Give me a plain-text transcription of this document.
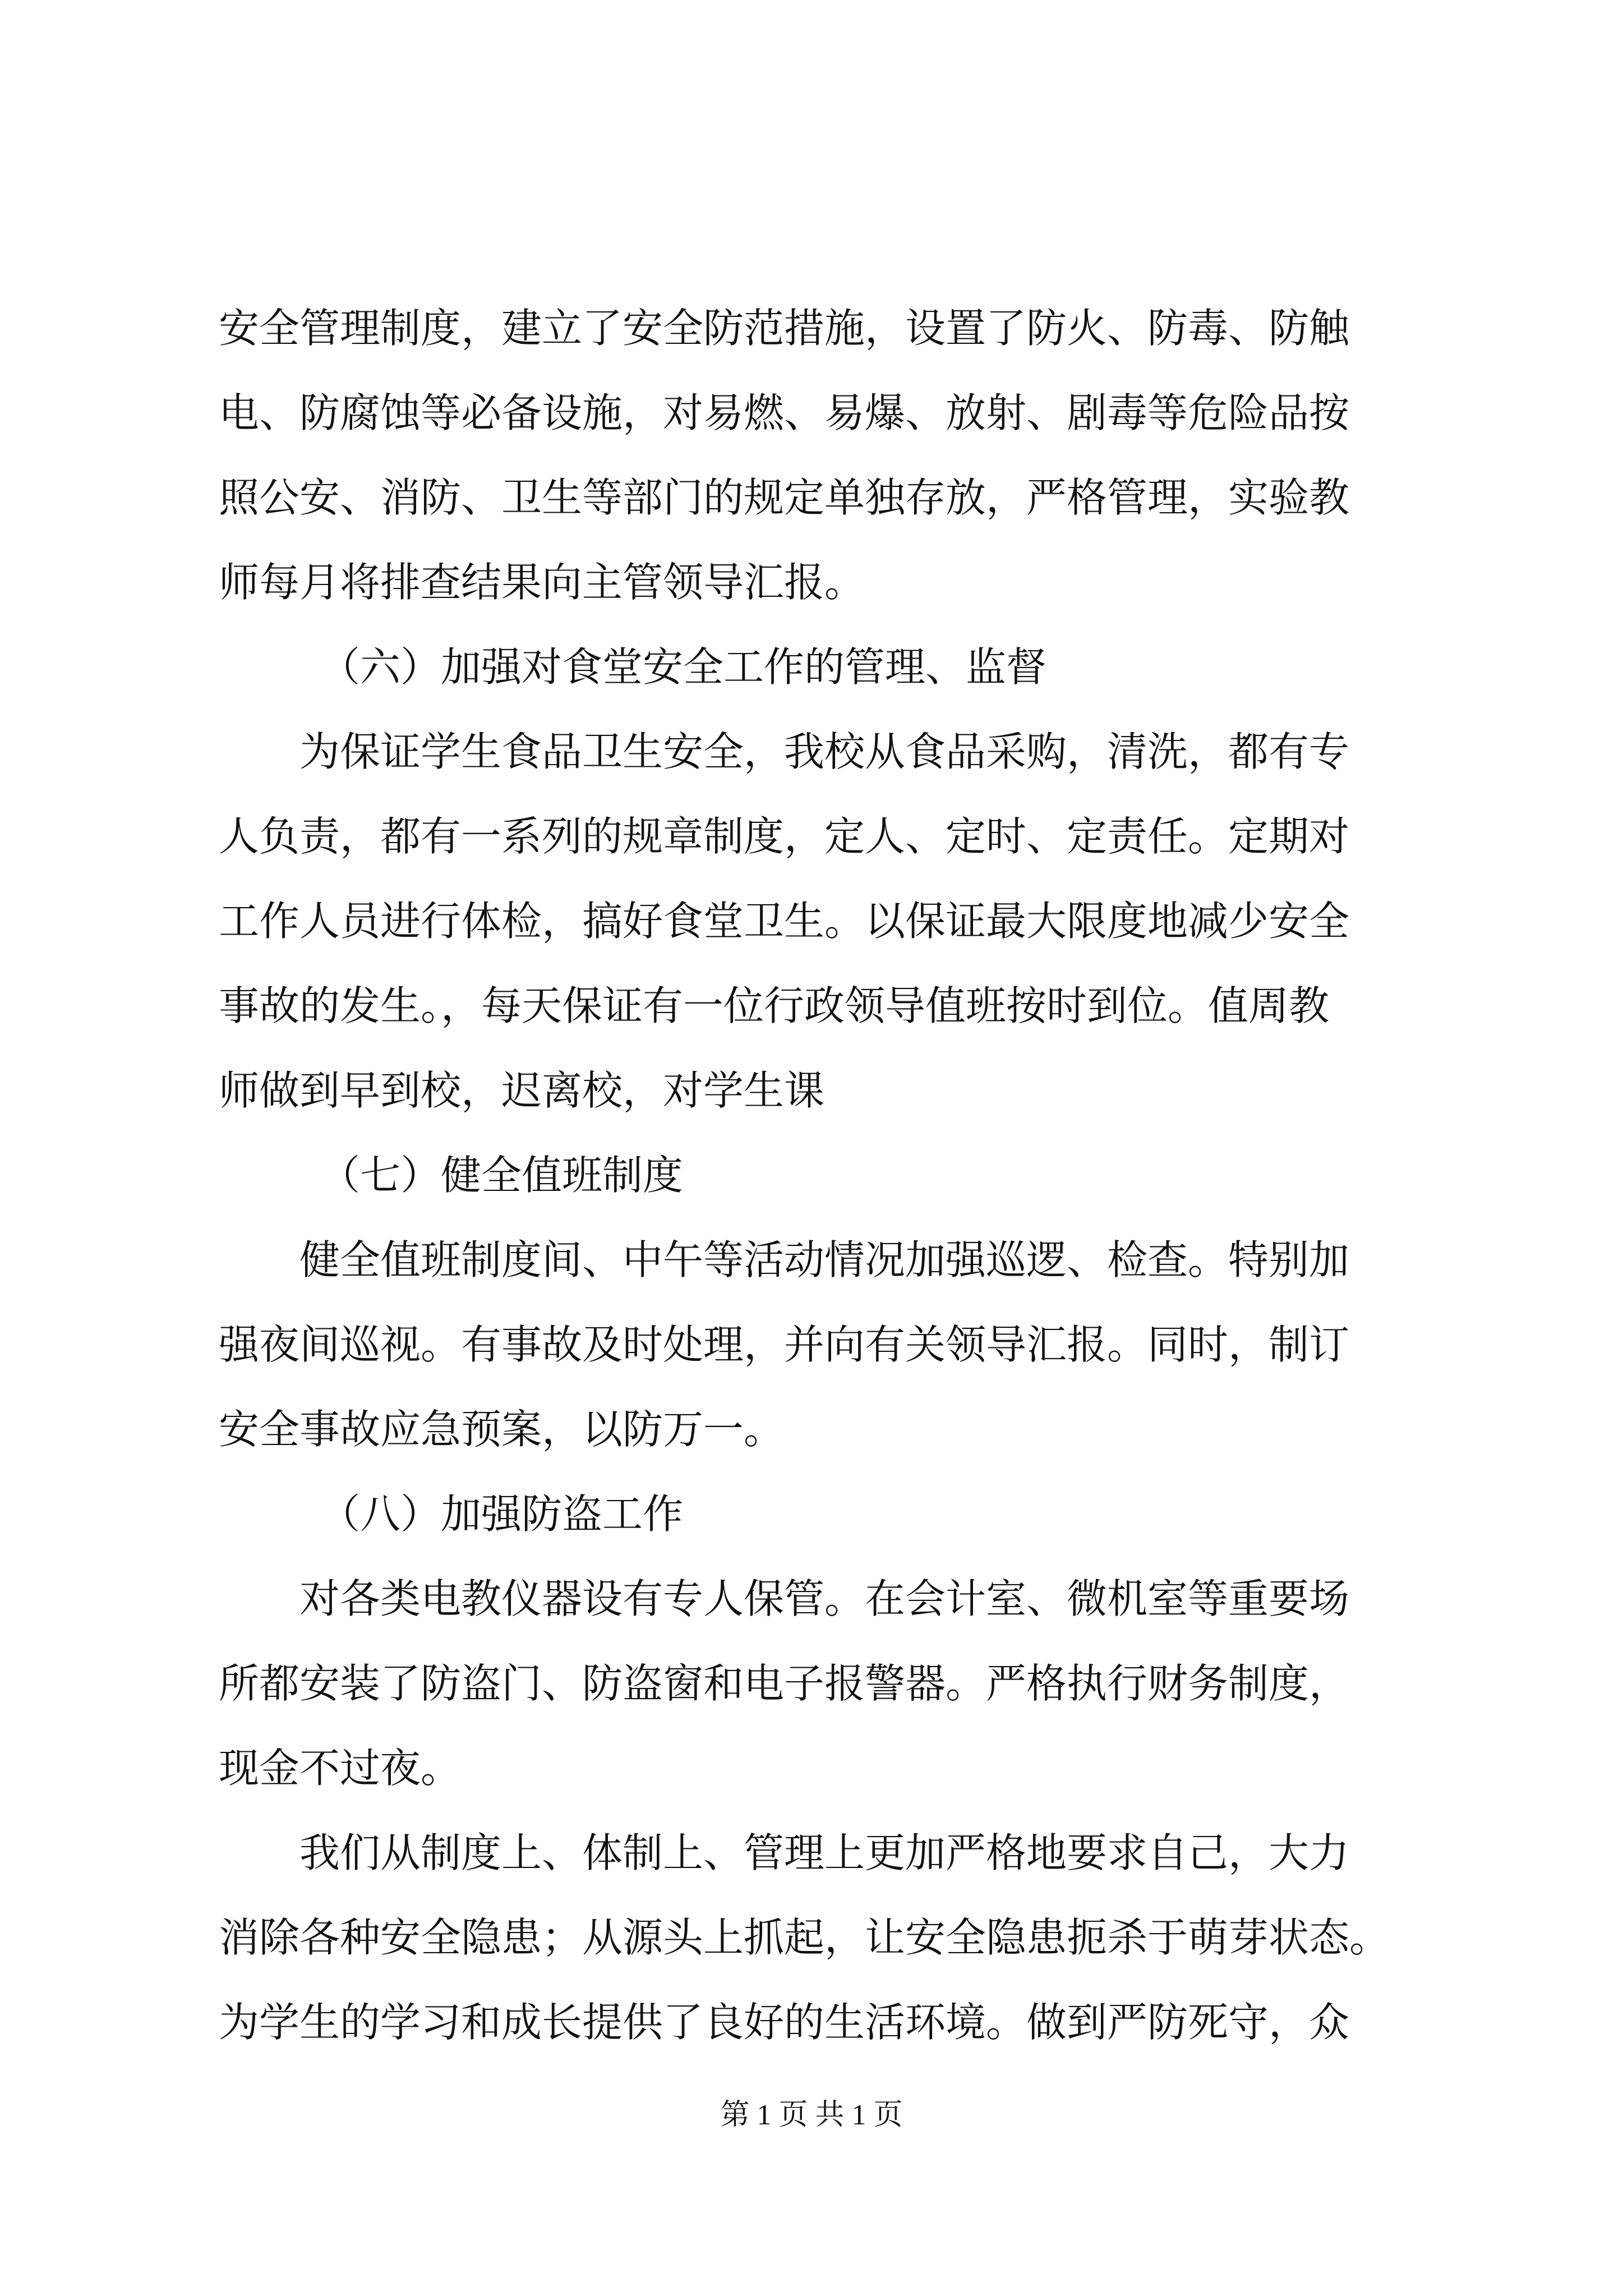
安全管理制度，建立了安全防范措施，设置了防火、防毒、防触
电、防腐蚀等必备设施，对易燃、易爆、放射、剧毒等危险品按
照公安、消防、卫生等部门的规定单独存放，严格管理，实验教
师每月将排查结果向主管领导汇报。
（六）加强对食堂安全工作的管理、监督
为保证学生食品卫生安全，我校从食品采购，清洗，都有专
人负责，都有一系列的规章制度，定人、定时、定责任。定期对
工作人员进行体检，搞好食堂卫生。以保证最大限度地减少安全
事故的发生。，每天保证有一位行政领导值班按时到位。值周教
师做到早到校，迟离校，对学生课
（七）健全值班制度
健全值班制度间、中午等活动情况加强巡逻、检查。特别加
强夜间巡视。有事故及时处理，并向有关领导汇报。同时，制订
安全事故应急预案，以防万一。
（八）加强防盗工作
对各类电教仪器设有专人保管。在会计室、微机室等重要场
所都安装了防盗门、防盗窗和电子报警器。严格执行财务制度，
现金不过夜。
我们从制度上、体制上、管理上更加严格地要求自己，大力
消除各种安全隐患；从源头上抓起，让安全隐患扼杀于萌芽状态。
为学生的学习和成长提供了良好的生活环境。做到严防死守，众
第 1 页 共 1 页
